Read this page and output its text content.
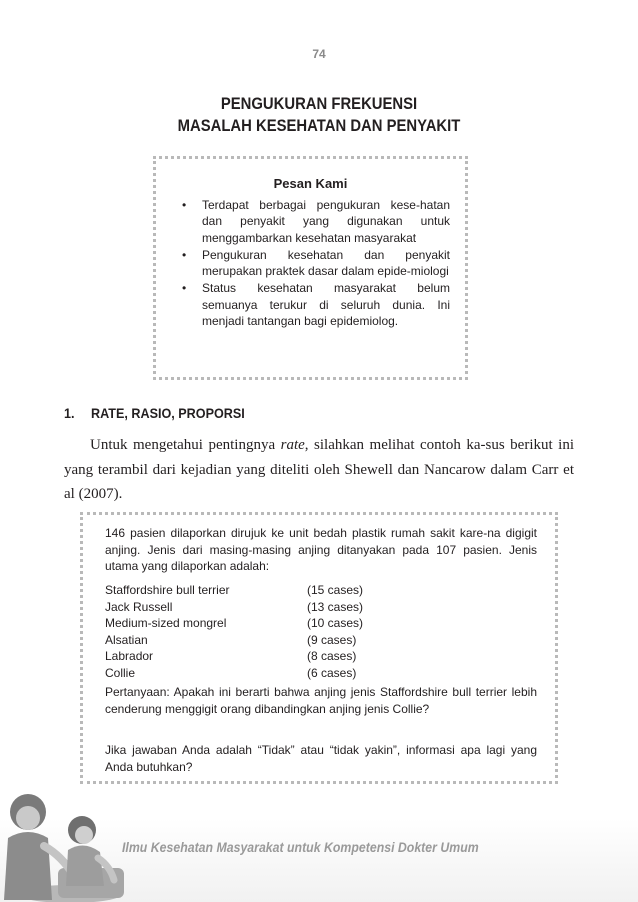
74
PENGUKURAN FREKUENSI
MASALAH KESEHATAN DAN PENYAKIT
Pesan Kami
• Terdapat berbagai pengukuran kese-hatan dan penyakit yang digunakan untuk menggambarkan kesehatan masyarakat
• Pengukuran kesehatan dan penyakit merupakan praktek dasar dalam epide-miologi
• Status kesehatan masyarakat belum semuanya terukur di seluruh dunia. Ini menjadi tantangan bagi epidemiolog.
1. RATE, RASIO, PROPORSI

Untuk mengetahui pentingnya rate, silahkan melihat contoh ka-sus berikut ini yang terambil dari kejadian yang diteliti oleh Shewell dan Nancarow dalam Carr et al (2007).

146 pasien dilaporkan dirujuk ke unit bedah plastik rumah sakit kare-na digigit anjing. Jenis dari masing-masing anjing ditanyakan pada 107 pasien. Jenis utama yang dilaporkan adalah:

Staffordshire bull terrier	(15 cases)
Jack Russell	(13 cases)
Medium-sized mongrel	(10 cases)
Alsatian	(9 cases)
Labrador	(8 cases)
Collie	(6 cases)

Pertanyaan: Apakah ini berarti bahwa anjing jenis Staffordshire bull terrier lebih cenderung menggigit orang dibandingkan anjing jenis Collie?

Jika jawaban Anda adalah “Tidak” atau “tidak yakin”, informasi apa lagi yang Anda butuhkan?

Ilmu Kesehatan Masyarakat untuk Kompetensi Dokter Umum
